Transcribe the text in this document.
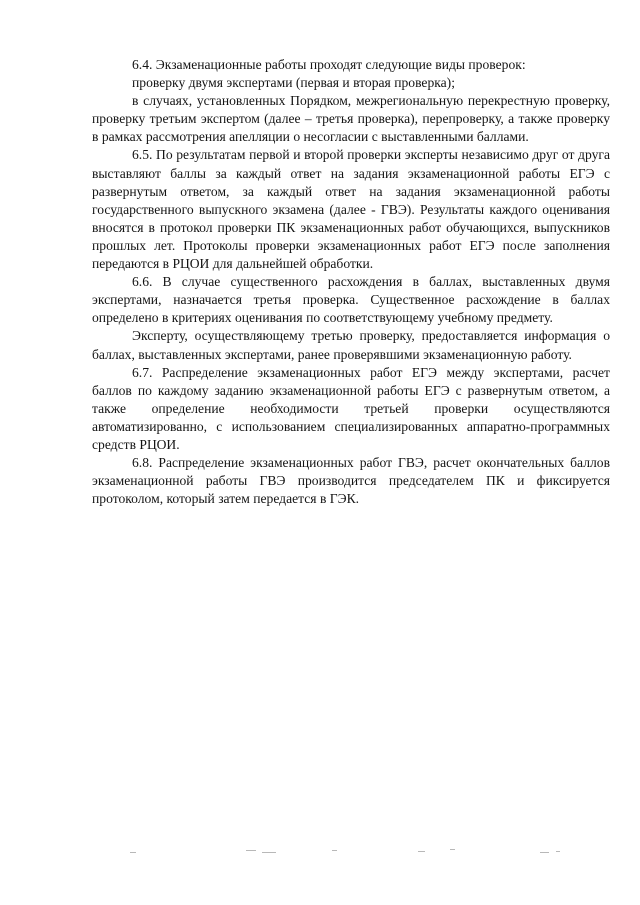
6.4. Экзаменационные работы проходят следующие виды проверок:

проверку двумя экспертами (первая и вторая проверка);

в случаях, установленных Порядком, межрегиональную перекрестную проверку, проверку третьим экспертом (далее – третья проверка), перепроверку, а также проверку в рамках рассмотрения апелляции о несогласии с выставленными баллами.

6.5. По результатам первой и второй проверки эксперты независимо друг от друга выставляют баллы за каждый ответ на задания экзаменационной работы ЕГЭ с развернутым ответом, за каждый ответ на задания экзаменационной работы государственного выпускного экзамена (далее - ГВЭ). Результаты каждого оценивания вносятся в протокол проверки ПК экзаменационных работ обучающихся, выпускников прошлых лет. Протоколы проверки экзаменационных работ ЕГЭ после заполнения передаются в РЦОИ для дальнейшей обработки.

6.6. В случае существенного расхождения в баллах, выставленных двумя экспертами, назначается третья проверка. Существенное расхождение в баллах определено в критериях оценивания по соответствующему учебному предмету.

Эксперту, осуществляющему третью проверку, предоставляется информация о баллах, выставленных экспертами, ранее проверявшими экзаменационную работу.

6.7. Распределение экзаменационных работ ЕГЭ между экспертами, расчет баллов по каждому заданию экзаменационной работы ЕГЭ с развернутым ответом, а также определение необходимости третьей проверки осуществляются автоматизированно, с использованием специализированных аппаратно-программных средств РЦОИ.

6.8. Распределение экзаменационных работ ГВЭ, расчет окончательных баллов экзаменационной работы ГВЭ производится председателем ПК и фиксируется протоколом, который затем передается в ГЭК.
